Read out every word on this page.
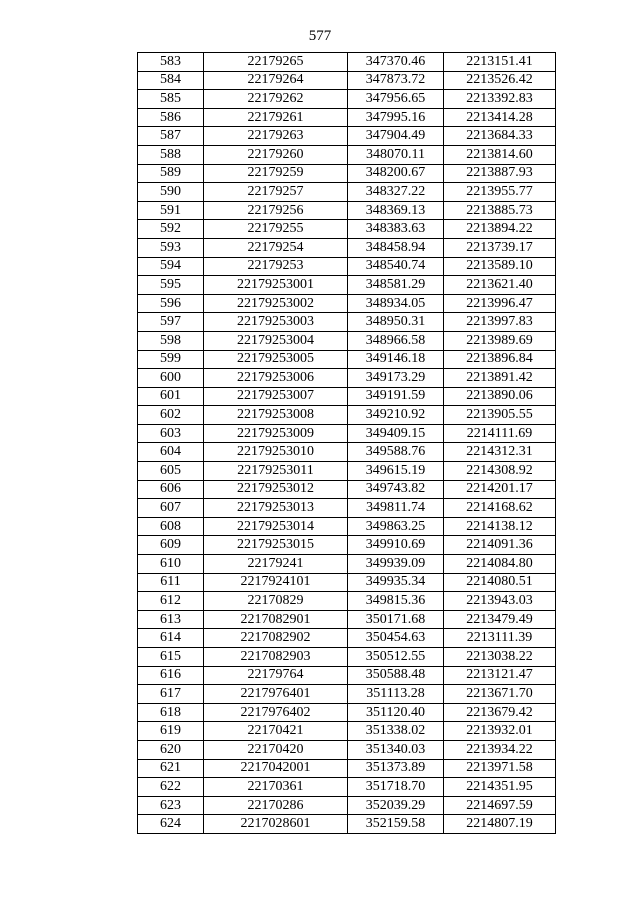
577
583	22179265	347370.46	2213151.41
584	22179264	347873.72	2213526.42
585	22179262	347956.65	2213392.83
586	22179261	347995.16	2213414.28
587	22179263	347904.49	2213684.33
588	22179260	348070.11	2213814.60
589	22179259	348200.67	2213887.93
590	22179257	348327.22	2213955.77
591	22179256	348369.13	2213885.73
592	22179255	348383.63	2213894.22
593	22179254	348458.94	2213739.17
594	22179253	348540.74	2213589.10
595	22179253001	348581.29	2213621.40
596	22179253002	348934.05	2213996.47
597	22179253003	348950.31	2213997.83
598	22179253004	348966.58	2213989.69
599	22179253005	349146.18	2213896.84
600	22179253006	349173.29	2213891.42
601	22179253007	349191.59	2213890.06
602	22179253008	349210.92	2213905.55
603	22179253009	349409.15	2214111.69
604	22179253010	349588.76	2214312.31
605	22179253011	349615.19	2214308.92
606	22179253012	349743.82	2214201.17
607	22179253013	349811.74	2214168.62
608	22179253014	349863.25	2214138.12
609	22179253015	349910.69	2214091.36
610	22179241	349939.09	2214084.80
611	2217924101	349935.34	2214080.51
612	22170829	349815.36	2213943.03
613	2217082901	350171.68	2213479.49
614	2217082902	350454.63	2213111.39
615	2217082903	350512.55	2213038.22
616	22179764	350588.48	2213121.47
617	2217976401	351113.28	2213671.70
618	2217976402	351120.40	2213679.42
619	22170421	351338.02	2213932.01
620	22170420	351340.03	2213934.22
621	2217042001	351373.89	2213971.58
622	22170361	351718.70	2214351.95
623	22170286	352039.29	2214697.59
624	2217028601	352159.58	2214807.19
